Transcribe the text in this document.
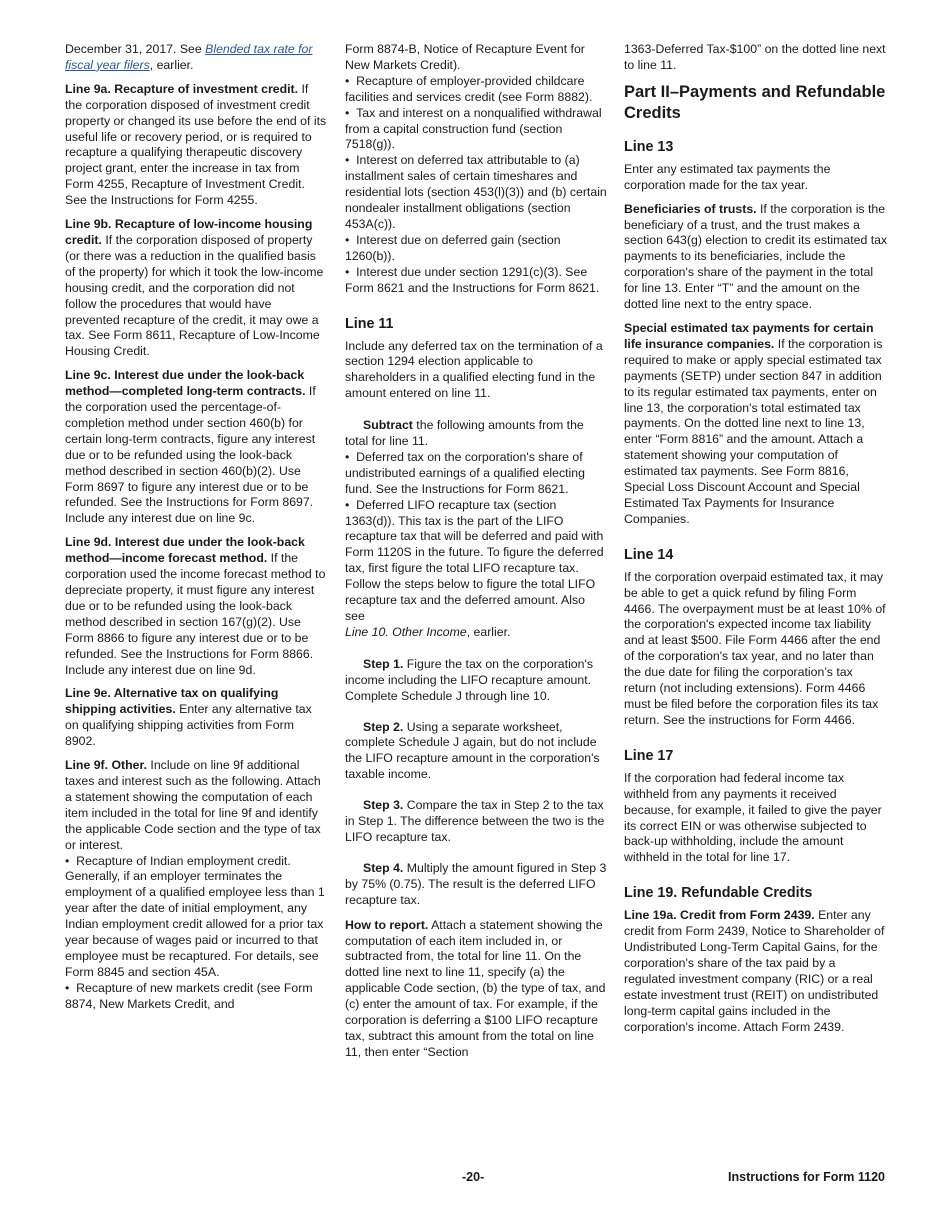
December 31, 2017. See Blended tax rate for fiscal year filers, earlier.

Line 9a. Recapture of investment credit. If the corporation disposed of investment credit property or changed its use before the end of its useful life or recovery period, or is required to recapture a qualifying therapeutic discovery project grant, enter the increase in tax from Form 4255, Recapture of Investment Credit. See the Instructions for Form 4255.

Line 9b. Recapture of low-income housing credit. If the corporation disposed of property (or there was a reduction in the qualified basis of the property) for which it took the low-income housing credit, and the corporation did not follow the procedures that would have prevented recapture of the credit, it may owe a tax. See Form 8611, Recapture of Low-Income Housing Credit.

Line 9c. Interest due under the look-back method—completed long-term contracts. If the corporation used the percentage-of-completion method under section 460(b) for certain long-term contracts, figure any interest due or to be refunded using the look-back method described in section 460(b)(2). Use Form 8697 to figure any interest due or to be refunded. See the Instructions for Form 8697. Include any interest due on line 9c.

Line 9d. Interest due under the look-back method—income forecast method. If the corporation used the income forecast method to depreciate property, it must figure any interest due or to be refunded using the look-back method described in section 167(g)(2). Use Form 8866 to figure any interest due or to be refunded. See the Instructions for Form 8866. Include any interest due on line 9d.

Line 9e. Alternative tax on qualifying shipping activities. Enter any alternative tax on qualifying shipping activities from Form 8902.

Line 9f. Other. Include on line 9f additional taxes and interest such as the following. Attach a statement showing the computation of each item included in the total for line 9f and identify the applicable Code section and the type of tax or interest.

•  Recapture of Indian employment credit. Generally, if an employer terminates the employment of a qualified employee less than 1 year after the date of initial employment, any Indian employment credit allowed for a prior tax year because of wages paid or incurred to that employee must be recaptured. For details, see Form 8845 and section 45A.

•  Recapture of new markets credit (see Form 8874, New Markets Credit, and

Form 8874-B, Notice of Recapture Event for New Markets Credit).

•  Recapture of employer-provided childcare facilities and services credit (see Form 8882).

•  Tax and interest on a nonqualified withdrawal from a capital construction fund (section 7518(g)).

•  Interest on deferred tax attributable to (a) installment sales of certain timeshares and residential lots (section 453(l)(3)) and (b) certain nondealer installment obligations (section 453A(c)).

•  Interest due on deferred gain (section 1260(b)).

•  Interest due under section 1291(c)(3). See Form 8621 and the Instructions for Form 8621.

Line 11

Include any deferred tax on the termination of a section 1294 election applicable to shareholders in a qualified electing fund in the amount entered on line 11.

Subtract the following amounts from the total for line 11.

•  Deferred tax on the corporation's share of undistributed earnings of a qualified electing fund. See the Instructions for Form 8621.

•  Deferred LIFO recapture tax (section 1363(d)). This tax is the part of the LIFO recapture tax that will be deferred and paid with Form 1120S in the future. To figure the deferred tax, first figure the total LIFO recapture tax. Follow the steps below to figure the total LIFO recapture tax and the deferred amount. Also see
Line 10. Other Income, earlier.

Step 1. Figure the tax on the corporation's income including the LIFO recapture amount. Complete Schedule J through line 10.

Step 2. Using a separate worksheet, complete Schedule J again, but do not include the LIFO recapture amount in the corporation's taxable income.

Step 3. Compare the tax in Step 2 to the tax in Step 1. The difference between the two is the LIFO recapture tax.

Step 4. Multiply the amount figured in Step 3 by 75% (0.75). The result is the deferred LIFO recapture tax.

How to report. Attach a statement showing the computation of each item included in, or subtracted from, the total for line 11. On the dotted line next to line 11, specify (a) the applicable Code section, (b) the type of tax, and (c) enter the amount of tax. For example, if the corporation is deferring a $100 LIFO recapture tax, subtract this amount from the total on line 11, then enter “Section

1363-Deferred Tax-$100” on the dotted line next to line 11.

Part II–Payments and Refundable Credits
Line 13

Enter any estimated tax payments the corporation made for the tax year.

Beneficiaries of trusts. If the corporation is the beneficiary of a trust, and the trust makes a section 643(g) election to credit its estimated tax payments to its beneficiaries, include the corporation's share of the payment in the total for line 13. Enter “T” and the amount on the dotted line next to the entry space.

Special estimated tax payments for certain life insurance companies. If the corporation is required to make or apply special estimated tax payments (SETP) under section 847 in addition to its regular estimated tax payments, enter on line 13, the corporation's total estimated tax payments. On the dotted line next to line 13, enter “Form 8816” and the amount. Attach a statement showing your computation of estimated tax payments. See Form 8816, Special Loss Discount Account and Special Estimated Tax Payments for Insurance Companies.

Line 14

If the corporation overpaid estimated tax, it may be able to get a quick refund by filing Form 4466. The overpayment must be at least 10% of the corporation's expected income tax liability and at least $500. File Form 4466 after the end of the corporation's tax year, and no later than the due date for filing the corporation’s tax return (not including extensions). Form 4466 must be filed before the corporation files its tax return. See the instructions for Form 4466.

Line 17

If the corporation had federal income tax withheld from any payments it received because, for example, it failed to give the payer its correct EIN or was otherwise subjected to back-up withholding, include the amount withheld in the total for line 17.

Line 19. Refundable Credits

Line 19a. Credit from Form 2439. Enter any credit from Form 2439, Notice to Shareholder of Undistributed Long-Term Capital Gains, for the corporation's share of the tax paid by a regulated investment company (RIC) or a real estate investment trust (REIT) on undistributed long-term capital gains included in the corporation's income. Attach Form 2439.

-20-	Instructions for Form 1120
